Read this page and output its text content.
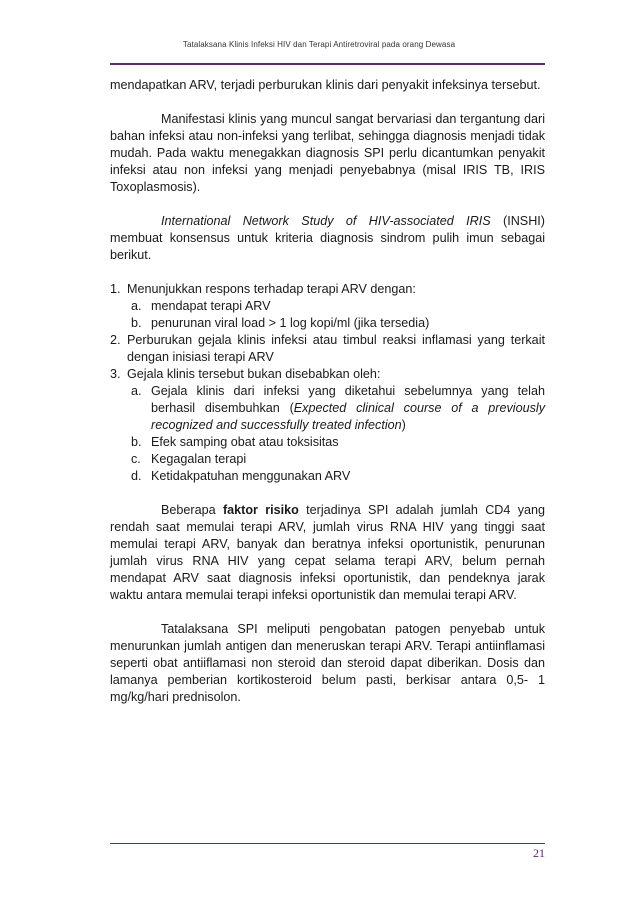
Tatalaksana Klinis Infeksi HIV dan Terapi Antiretroviral pada orang Dewasa

mendapatkan ARV, terjadi perburukan klinis dari penyakit infeksinya tersebut.

Manifestasi klinis yang muncul sangat bervariasi dan tergantung dari bahan infeksi atau non-infeksi yang terlibat, sehingga diagnosis menjadi tidak mudah. Pada waktu menegakkan diagnosis SPI perlu dicantumkan penyakit infeksi atau non infeksi yang menjadi penyebabnya (misal IRIS TB, IRIS Toxoplasmosis).

International Network Study of HIV-associated IRIS (INSHI) membuat konsensus untuk kriteria diagnosis sindrom pulih imun sebagai berikut.

1. Menunjukkan respons terhadap terapi ARV dengan:
a. mendapat terapi ARV
b. penurunan viral load > 1 log kopi/ml (jika tersedia)
2. Perburukan gejala klinis infeksi atau timbul reaksi inflamasi yang terkait dengan inisiasi terapi ARV
3. Gejala klinis tersebut bukan disebabkan oleh:
a. Gejala klinis dari infeksi yang diketahui sebelumnya yang telah berhasil disembuhkan (Expected clinical course of a previously recognized and successfully treated infection)
b. Efek samping obat atau toksisitas
c. Kegagalan terapi
d. Ketidakpatuhan menggunakan ARV

Beberapa faktor risiko terjadinya SPI adalah jumlah CD4 yang rendah saat memulai terapi ARV, jumlah virus RNA HIV yang tinggi saat memulai terapi ARV, banyak dan beratnya infeksi oportunistik, penurunan jumlah virus RNA HIV yang cepat selama terapi ARV, belum pernah mendapat ARV saat diagnosis infeksi oportunistik, dan pendeknya jarak waktu antara memulai terapi infeksi oportunistik dan memulai terapi ARV.

Tatalaksana SPI meliputi pengobatan patogen penyebab untuk menurunkan jumlah antigen dan meneruskan terapi ARV. Terapi antiinflamasi seperti obat antiiflamasi non steroid dan steroid dapat diberikan. Dosis dan lamanya pemberian kortikosteroid belum pasti, berkisar antara 0,5- 1 mg/kg/hari prednisolon.

21
